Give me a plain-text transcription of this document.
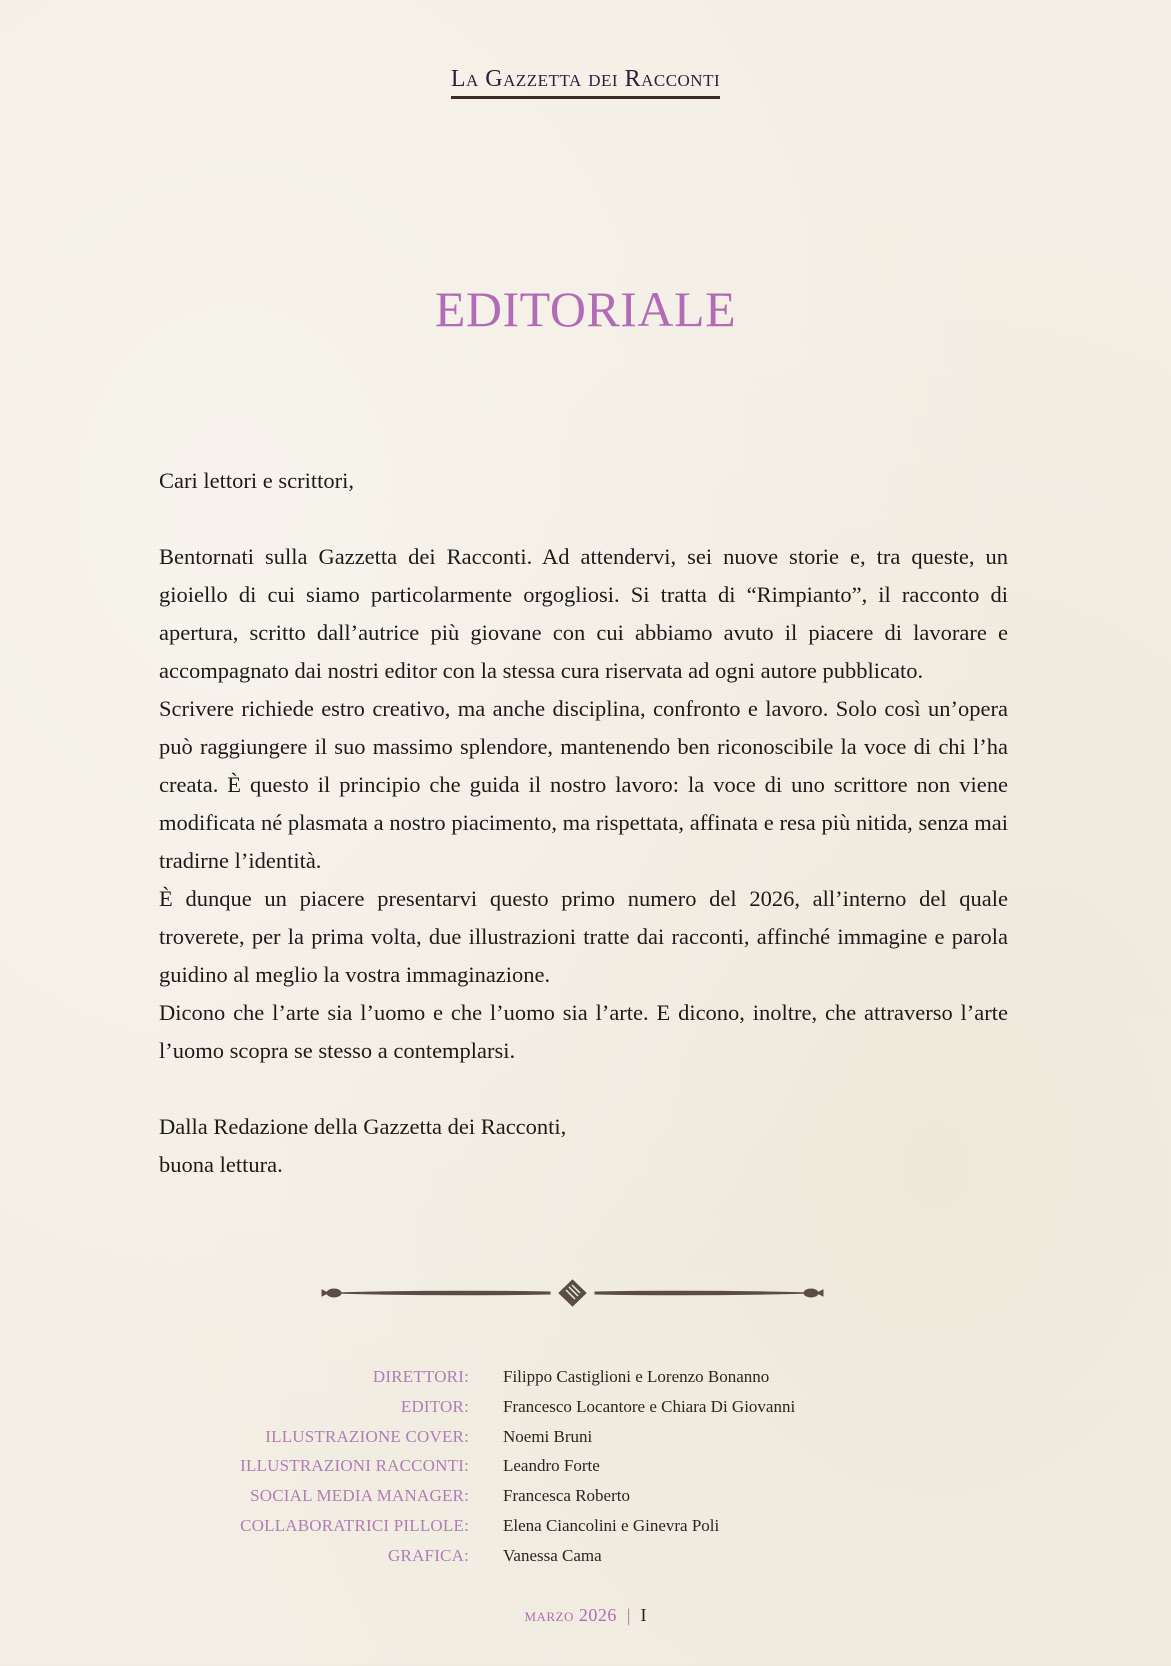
La Gazzetta dei Racconti
EDITORIALE

Cari lettori e scrittori,

Bentornati sulla Gazzetta dei Racconti. Ad attendervi, sei nuove storie e, tra queste, un gioiello di cui siamo particolarmente orgogliosi. Si tratta di “Rimpianto”, il racconto di apertura, scritto dall’autrice più giovane con cui abbiamo avuto il piacere di lavorare e accompagnato dai nostri editor con la stessa cura riservata ad ogni autore pubblicato.

Scrivere richiede estro creativo, ma anche disciplina, confronto e lavoro. Solo così un’opera può raggiungere il suo massimo splendore, mantenendo ben riconoscibile la voce di chi l’ha creata. È questo il principio che guida il nostro lavoro: la voce di uno scrittore non viene modificata né plasmata a nostro piacimento, ma rispettata, affinata e resa più nitida, senza mai tradirne l’identità.

È dunque un piacere presentarvi questo primo numero del 2026, all’interno del quale troverete, per la prima volta, due illustrazioni tratte dai racconti, affinché immagine e parola guidino al meglio la vostra immaginazione.

Dicono che l’arte sia l’uomo e che l’uomo sia l’arte. E dicono, inoltre, che attraverso l’arte l’uomo scopra se stesso a contemplarsi.

Dalla Redazione della Gazzetta dei Racconti,

buona lettura.

DIRETTORI: Filippo Castiglioni e Lorenzo Bonanno
EDITOR: Francesco Locantore e Chiara Di Giovanni
ILLUSTRAZIONE COVER: Noemi Bruni
ILLUSTRAZIONI RACCONTI: Leandro Forte
SOCIAL MEDIA MANAGER: Francesca Roberto
COLLABORATRICI PILLOLE: Elena Ciancolini e Ginevra Poli
GRAFICA: Vanessa Cama
marzo 2026 | I
